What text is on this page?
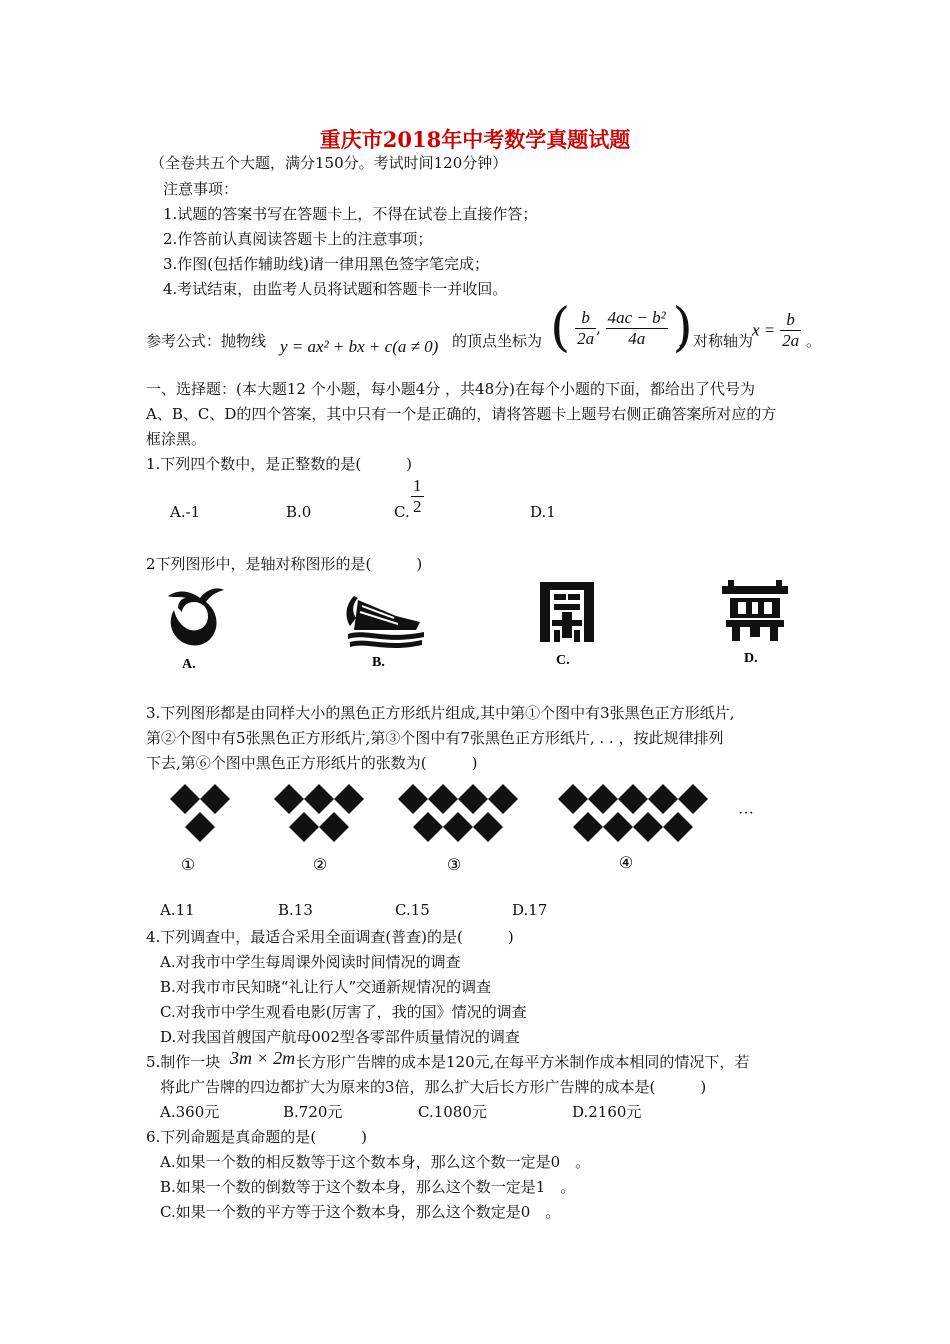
重庆市2018年中考数学真题试题
（全卷共五个大题，满分150分。考试时间120分钟）
注意事项：
1.试题的答案书写在答题卡上，不得在试卷上直接作答；
2.作答前认真阅读答题卡上的注意事项；
3.作图(包括作辅助线)请一律用黑色签字笔完成；
4.考试结束，由监考人员将试题和答题卡一并收回。
参考公式：抛物线 y = ax² + bx + c(a ≠ 0) 的顶点坐标为 ( $\frac{b}{2a}$ , $\frac{\text{4ac − b²}}{4a}$ )
，对称轴为
$x = \frac{b}{2a}$ 。
一、选择题：(本大题12 个小题，每小题4分 ，共48分)在每个小题的下面，都给出了代号为
A、B、C、D的四个答案，其中只有一个是正确的，请将答题卡上题号右侧正确答案所对应的方
框涂黑。
1.下列四个数中，是正整数的是(　　　)
A.-1	B.0	C. $\frac{1}{2}$	D.1
2下列图形中，是轴对称图形的是(　　　)
A.	B.	C.	D.
3.下列图形都是由同样大小的黑色正方形纸片组成,其中第①个图中有3张黑色正方形纸片,
第②个图中有5张黑色正方形纸片,第③个图中有7张黑色正方形纸片, . . ，按此规律排列
下去,第⑥个图中黑色正方形纸片的张数为(　　　)
①	②	③	④
···
A.11	B.13	C.15	D.17
4.下列调查中，最适合采用全面调查(普查)的是(　　　)
A.对我市中学生每周课外阅读时间情况的调查
B.对我市市民知晓“礼让行人”交通新规情况的调查
C.对我市中学生观看电影(厉害了，我的国》情况的调查
D.对我国首艘国产航母002型各零部件质量情况的调查
5.制作一块 3m × 2m 长方形广告牌的成本是120元,在每平方米制作成本相同的情况下，若
将此广告牌的四边都扩大为原来的3倍，那么扩大后长方形广告牌的成本是(　　　)
A.360元	B.720元	C.1080元	D.2160元
6.下列命题是真命题的是(　　　)
A.如果一个数的相反数等于这个数本身，那么这个数一定是0　。
B.如果一个数的倒数等于这个数本身，那么这个数一定是1　。
C.如果一个数的平方等于这个数本身，那么这个数定是0　。
